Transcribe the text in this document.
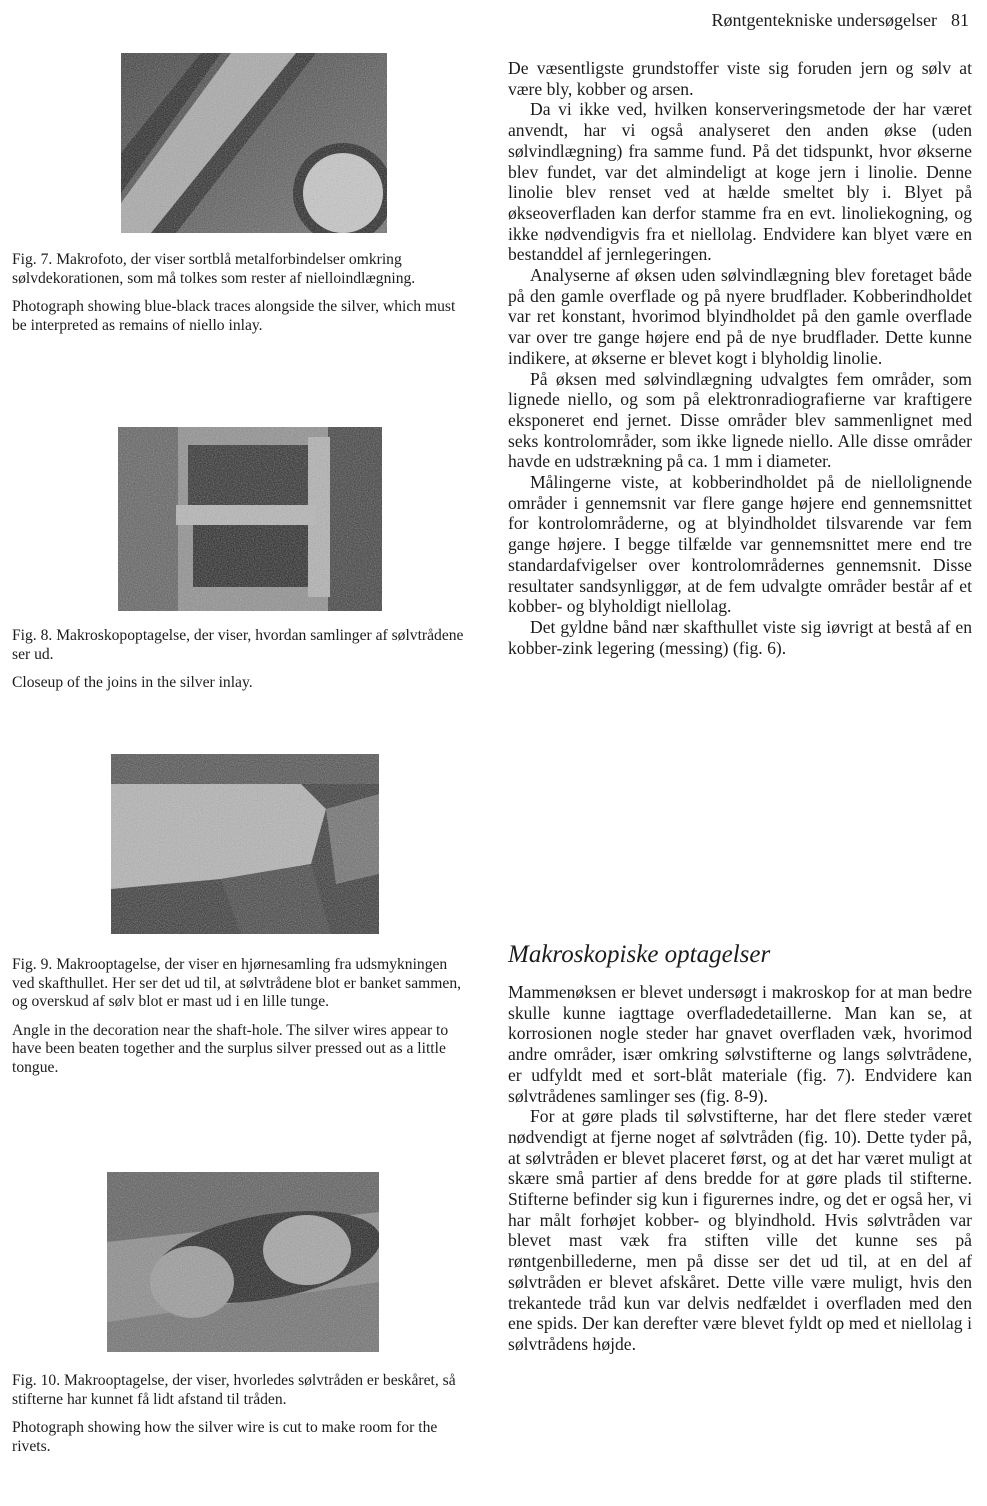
Røntgentekniske undersøgelser 81

Fig. 7. Makrofoto, der viser sortblå metalforbindelser omkring sølvdekorationen, som må tolkes som rester af nielloindlægning.

Photograph showing blue-black traces alongside the silver, which must be interpreted as remains of niello inlay.

Fig. 8. Makroskopoptagelse, der viser, hvordan samlinger af sølvtrådene ser ud.

Closeup of the joins in the silver inlay.

Fig. 9. Makrooptagelse, der viser en hjørnesamling fra udsmykningen ved skafthullet. Her ser det ud til, at sølvtrådene blot er banket sammen, og overskud af sølv blot er mast ud i en lille tunge.

Angle in the decoration near the shaft-hole. The silver wires appear to have been beaten together and the surplus silver pressed out as a little tongue.

Fig. 10. Makrooptagelse, der viser, hvorledes sølvtråden er beskåret, så stifterne har kunnet få lidt afstand til tråden.

Photograph showing how the silver wire is cut to make room for the rivets.

De væsentligste grundstoffer viste sig foruden jern og sølv at være bly, kobber og arsen.

Da vi ikke ved, hvilken konserveringsmetode der har været anvendt, har vi også analyseret den anden økse (uden sølvindlægning) fra samme fund. På det tidspunkt, hvor økserne blev fundet, var det almindeligt at koge jern i linolie. Denne linolie blev renset ved at hælde smeltet bly i. Blyet på økseoverfladen kan derfor stamme fra en evt. linoliekogning, og ikke nødvendigvis fra et niellolag. Endvidere kan blyet være en bestanddel af jernlegeringen.

Analyserne af øksen uden sølvindlægning blev foretaget både på den gamle overflade og på nyere brudflader. Kobberindholdet var ret konstant, hvorimod blyindholdet på den gamle overflade var over tre gange højere end på de nye brudflader. Dette kunne indikere, at økserne er blevet kogt i blyholdig linolie.

På øksen med sølvindlægning udvalgtes fem områder, som lignede niello, og som på elektronradiografierne var kraftigere eksponeret end jernet. Disse områder blev sammenlignet med seks kontrolområder, som ikke lignede niello. Alle disse områder havde en udstrækning på ca. 1 mm i diameter.

Målingerne viste, at kobberindholdet på de niellolignende områder i gennemsnit var flere gange højere end gennemsnittet for kontrolområderne, og at blyindholdet tilsvarende var fem gange højere. I begge tilfælde var gennemsnittet mere end tre standardafvigelser over kontrolområdernes gennemsnit. Disse resultater sandsynliggør, at de fem udvalgte områder består af et kobber- og blyholdigt niellolag.

Det gyldne bånd nær skafthullet viste sig iøvrigt at bestå af en kobber-zink legering (messing) (fig. 6).

Makroskopiske optagelser

Mammenøksen er blevet undersøgt i makroskop for at man bedre skulle kunne iagttage overfladedetaillerne. Man kan se, at korrosionen nogle steder har gnavet overfladen væk, hvorimod andre områder, især omkring sølvstifterne og langs sølvtrådene, er udfyldt med et sort-blåt materiale (fig. 7). Endvidere kan sølvtrådenes samlinger ses (fig. 8-9).

For at gøre plads til sølvstifterne, har det flere steder været nødvendigt at fjerne noget af sølvtråden (fig. 10). Dette tyder på, at sølvtråden er blevet placeret først, og at det har været muligt at skære små partier af dens bredde for at gøre plads til stifterne. Stifterne befinder sig kun i figurernes indre, og det er også her, vi har målt forhøjet kobber- og blyindhold. Hvis sølvtråden var blevet mast væk fra stiften ville det kunne ses på røntgenbillederne, men på disse ser det ud til, at en del af sølvtråden er blevet afskåret. Dette ville være muligt, hvis den trekantede tråd kun var delvis nedfældet i overfladen med den ene spids. Der kan derefter være blevet fyldt op med et niellolag i sølvtrådens højde.
